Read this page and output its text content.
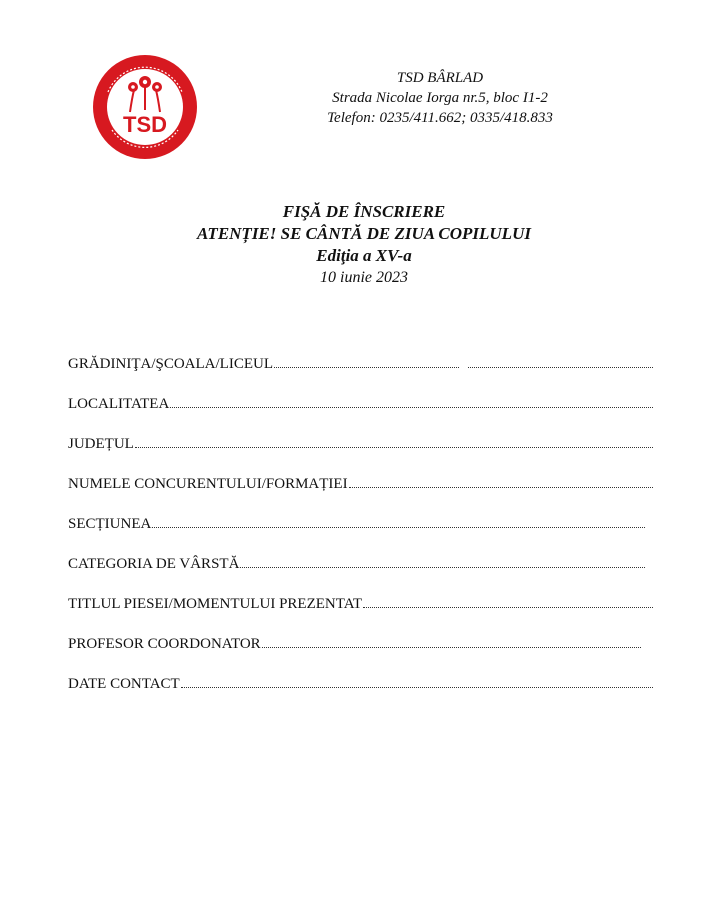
TSD
TSD BÂRLAD
Strada Nicolae Iorga nr.5, bloc I1-2
Telefon: 0235/411.662; 0335/418.833
FIŞĂ DE ÎNSCRIERE
ATENȚIE! SE CÂNTĂ DE ZIUA COPILULUI
Ediţia a XV-a
10 iunie 2023
GRĂDINIŢA/ŞCOALA/LICEUL
LOCALITATEA
JUDEȚUL
NUMELE CONCURENTULUI/FORMAȚIEI
SECȚIUNEA
CATEGORIA DE VÂRSTĂ
TITLUL PIESEI/MOMENTULUI PREZENTAT
PROFESOR COORDONATOR
DATE CONTACT
